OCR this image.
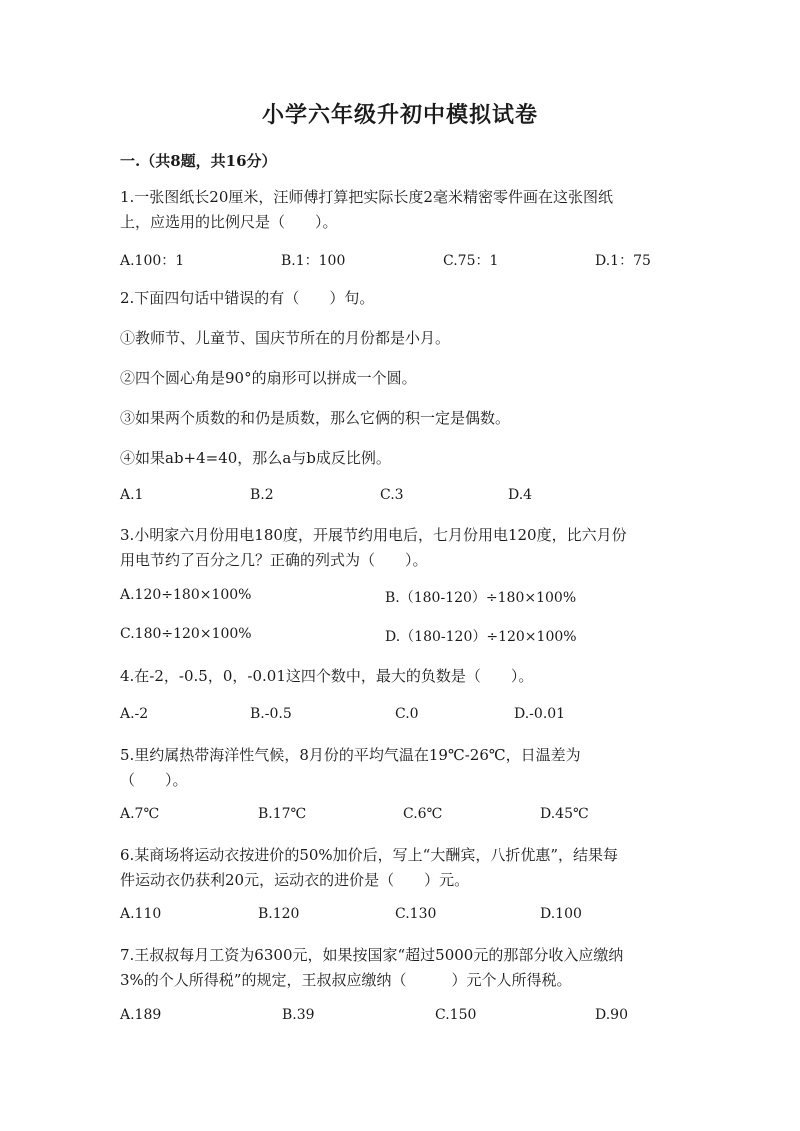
小学六年级升初中模拟试卷
一.（共8题，共16分）
1.一张图纸长20厘米，汪师傅打算把实际长度2毫米精密零件画在这张图纸
上，应选用的比例尺是（　　）。
A.100：1	B.1：100	C.75：1	D.1：75
2.下面四句话中错误的有（　　）句。
①教师节、儿童节、国庆节所在的月份都是小月。
②四个圆心角是90°的扇形可以拼成一个圆。
③如果两个质数的和仍是质数，那么它俩的积一定是偶数。
④如果ab+4=40，那么a与b成反比例。
A.1	B.2	C.3	D.4
3.小明家六月份用电180度，开展节约用电后，七月份用电120度，比六月份
用电节约了百分之几？正确的列式为（　　）。
A.120÷180×100%	B.（180-120）÷180×100%
C.180÷120×100%	D.（180-120）÷120×100%
4.在-2，-0.5，0，-0.01这四个数中，最大的负数是（　　）。
A.-2	B.-0.5	C.0	D.-0.01
5.里约属热带海洋性气候，8月份的平均气温在19℃-26℃，日温差为
（　　）。
A.7℃	B.17℃	C.6℃	D.45℃
6.某商场将运动衣按进价的50%加价后，写上“大酬宾，八折优惠”，结果每
件运动衣仍获利20元，运动衣的进价是（　　）元。
A.110	B.120	C.130	D.100
7.王叔叔每月工资为6300元，如果按国家“超过5000元的那部分收入应缴纳
3%的个人所得税”的规定，王叔叔应缴纳（　　　）元个人所得税。
A.189	B.39	C.150	D.90
